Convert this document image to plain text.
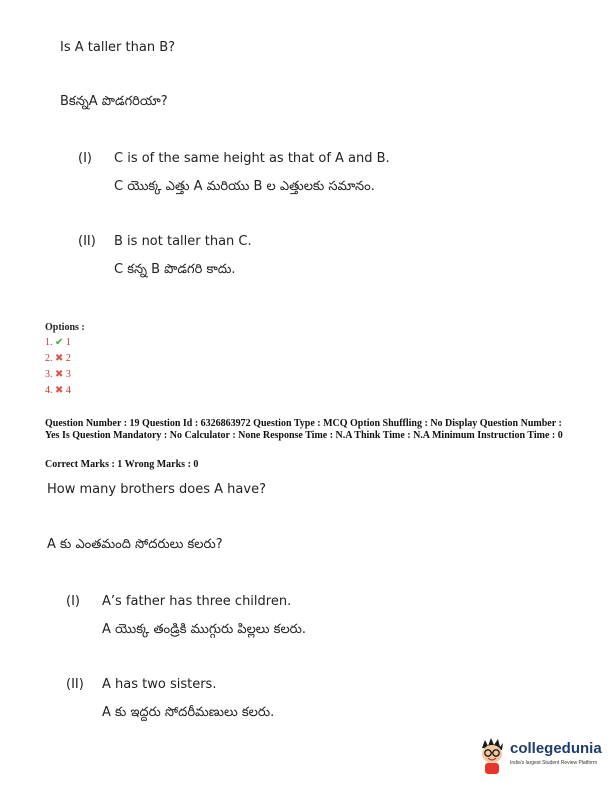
Is A taller than B?
Bకన్నA పొడగరియా?
(I) C is of the same height as that of A and B.
C యొక్క ఎత్తు A మరియు B ల ఎత్తులకు సమానం.
(II) B is not taller than C.
C కన్న B పొడగరి కాదు.
Options :
1. ✔ 1
2. ✖ 2
3. ✖ 3
4. ✖ 4
Question Number : 19 Question Id : 6326863972 Question Type : MCQ Option Shuffling : No Display Question Number : Yes Is Question Mandatory : No Calculator : None Response Time : N.A Think Time : N.A Minimum Instruction Time : 0
Correct Marks : 1 Wrong Marks : 0
How many brothers does A have?
A కు ఎంతమంది సోదరులు కలరు?
(I) A’s father has three children.
A యొక్క తండ్రికి ముగ్గురు పిల్లలు కలరు.
(II) A has two sisters.
A కు ఇద్దరు సోదరీమణులు కలరు.
collegedunia
India's largest Student Review Platform
